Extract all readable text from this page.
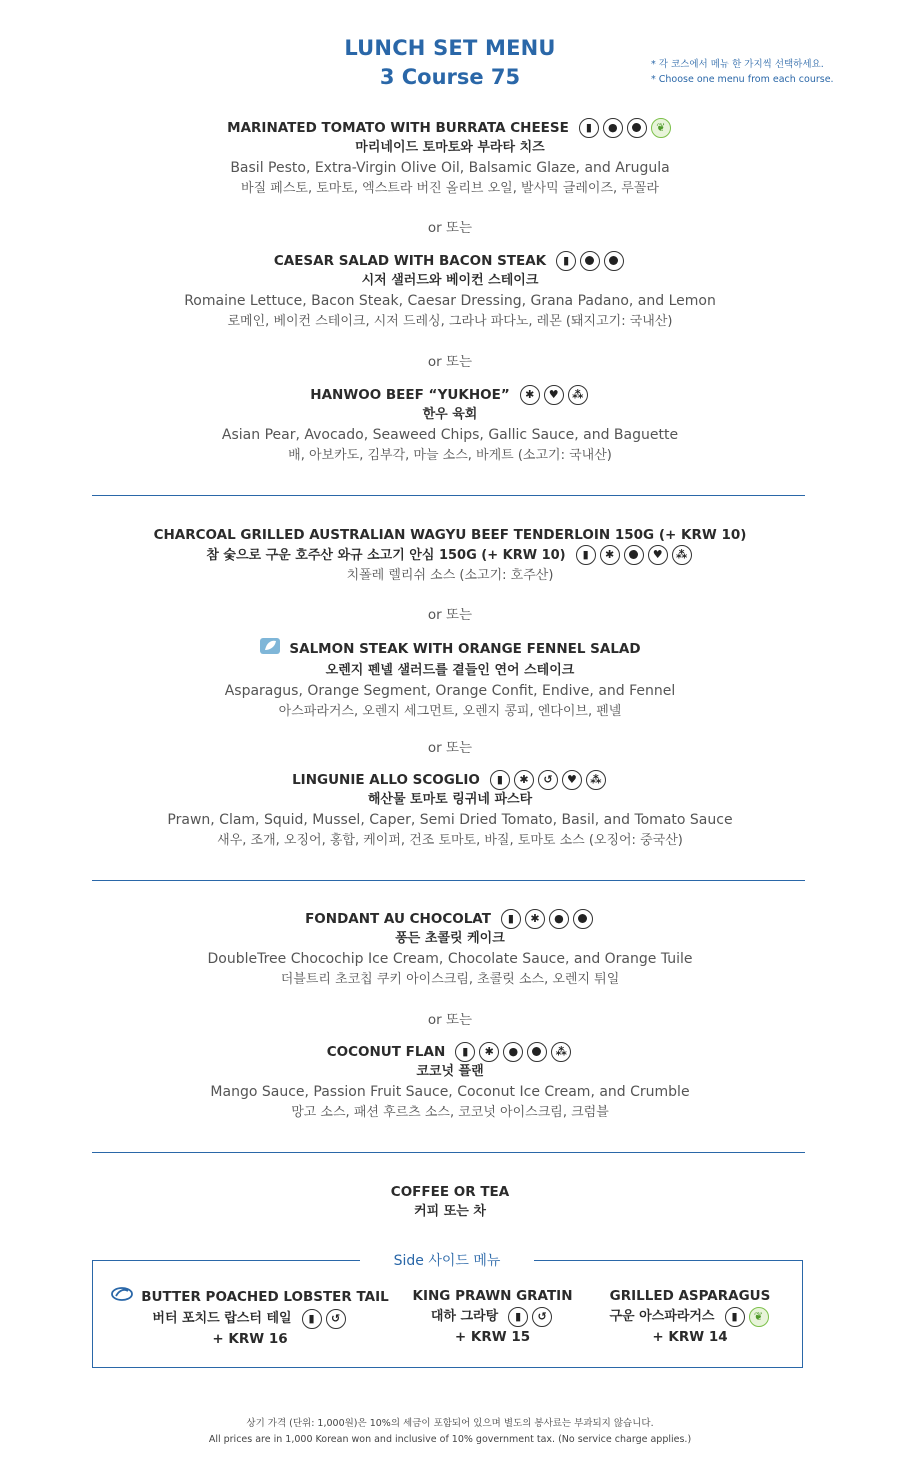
LUNCH SET MENU
3 Course 75
* 각 코스에서 메뉴 한 가지씩 선택하세요.
* Choose one menu from each course.
MARINATED TOMATO WITH BURRATA CHEESE ▮ ●	❦
마리네이드 토마토와 부라타 치즈
Basil Pesto, Extra-Virgin Olive Oil, Balsamic Glaze, and Arugula
바질 페스토, 토마토, 엑스트라 버진 올리브 오일, 발사믹 글레이즈, 루꼴라
or 또는
CAESAR SALAD WITH BACON STEAK ▮
시저 샐러드와 베이컨 스테이크
Romaine Lettuce, Bacon Steak, Caesar Dressing, Grana Padano, and Lemon
로메인, 베이컨 스테이크, 시저 드레싱, 그라나 파다노, 레몬 (돼지고기: 국내산)
or 또는
HANWOO BEEF “YUKHOE” ✱ ♥ ⁂
한우 육회
Asian Pear, Avocado, Seaweed Chips, Gallic Sauce, and Baguette
배, 아보카도, 김부각, 마늘 소스, 바게트 (소고기: 국내산)
CHARCOAL GRILLED AUSTRALIAN WAGYU BEEF TENDERLOIN 150G (+ KRW 10)
참 숯으로 구운 호주산 와규 소고기 안심 150G (+ KRW 10) ▮ ✱	♥ ⁂
치폴레 렐리쉬 소스 (소고기: 호주산)
or 또는
SALMON STEAK WITH ORANGE FENNEL SALAD
오렌지 펜넬 샐러드를 곁들인 연어 스테이크
Asparagus, Orange Segment, Orange Confit, Endive, and Fennel
아스파라거스, 오렌지 세그먼트, 오렌지 콩피, 엔다이브, 펜넬
or 또는
LINGUNIE ALLO SCOGLIO ▮ ✱ ↺ ♥ ⁂
해산물 토마토 링귀네 파스타
Prawn, Clam, Squid, Mussel, Caper, Semi Dried Tomato, Basil, and Tomato Sauce
새우, 조개, 오징어, 홍합, 케이퍼, 건조 토마토, 바질, 토마토 소스 (오징어: 중국산)
FONDANT AU CHOCOLAT ▮ ✱ ●
퐁든 초콜릿 케이크
DoubleTree Chocochip Ice Cream, Chocolate Sauce, and Orange Tuile
더블트리 초코칩 쿠키 아이스크림, 초콜릿 소스, 오렌지 튀일
or 또는
COCONUT FLAN ▮ ✱ ●	⁂
코코넛 플랜
Mango Sauce, Passion Fruit Sauce, Coconut Ice Cream, and Crumble
망고 소스, 패션 후르츠 소스, 코코넛 아이스크림, 크럼블
COFFEE OR TEA
커피 또는 차
Side 사이드 메뉴
BUTTER POACHED LOBSTER TAIL
버터 포치드 랍스터 테일 ▮ ↺
+ KRW 16
KING PRAWN GRATIN
대하 그라탕 ▮ ↺
+ KRW 15
GRILLED ASPARAGUS
구운 아스파라거스 ▮ ❦
+ KRW 14
상기 가격 (단위: 1,000원)은 10%의 세금이 포함되어 있으며 별도의 봉사료는 부과되지 않습니다.
All prices are in 1,000 Korean won and inclusive of 10% government tax. (No service charge applies.)
